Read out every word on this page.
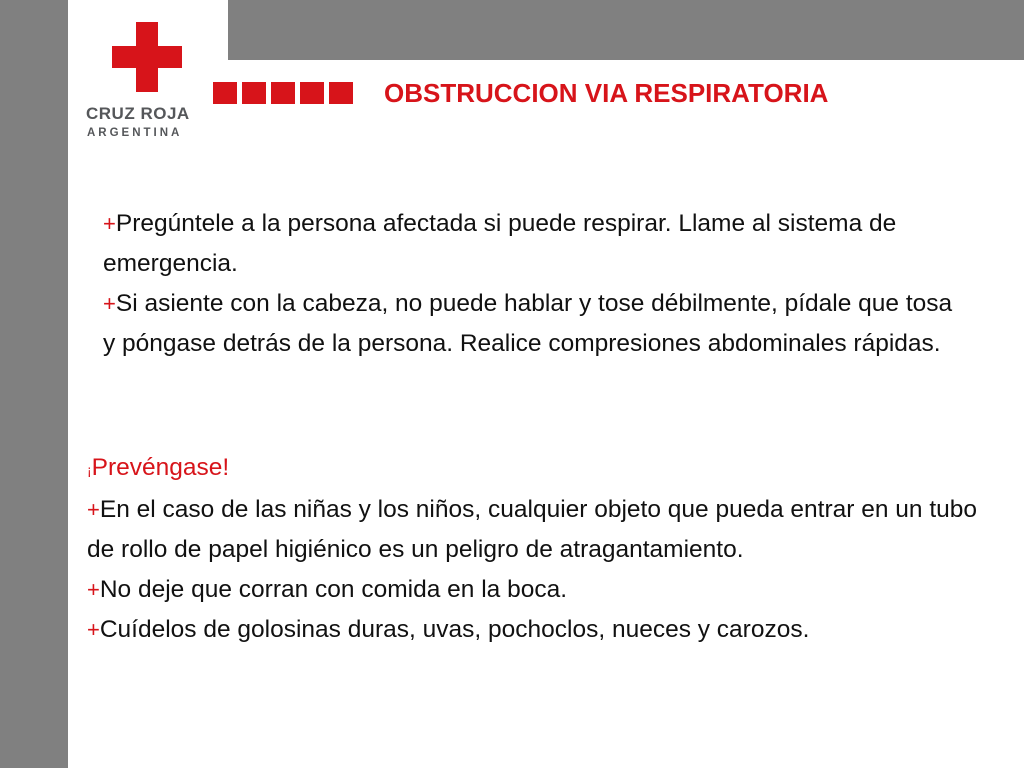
CRUZ ROJA
ARGENTINA
OBSTRUCCION VIA RESPIRATORIA

+Pregúntele a la persona afectada si puede respirar. Llame al sistema de emergencia.

+Si asiente con la cabeza, no puede hablar y tose débilmente, pídale que tosa y póngase detrás de la persona. Realice compresiones abdominales rápidas.

¡Prevéngase!

+En el caso de las niñas y los niños, cualquier objeto que pueda entrar en un tubo de rollo de papel higiénico es un peligro de atragantamiento.

+No deje que corran con comida en la boca.

+Cuídelos de golosinas duras, uvas, pochoclos, nueces y carozos.
